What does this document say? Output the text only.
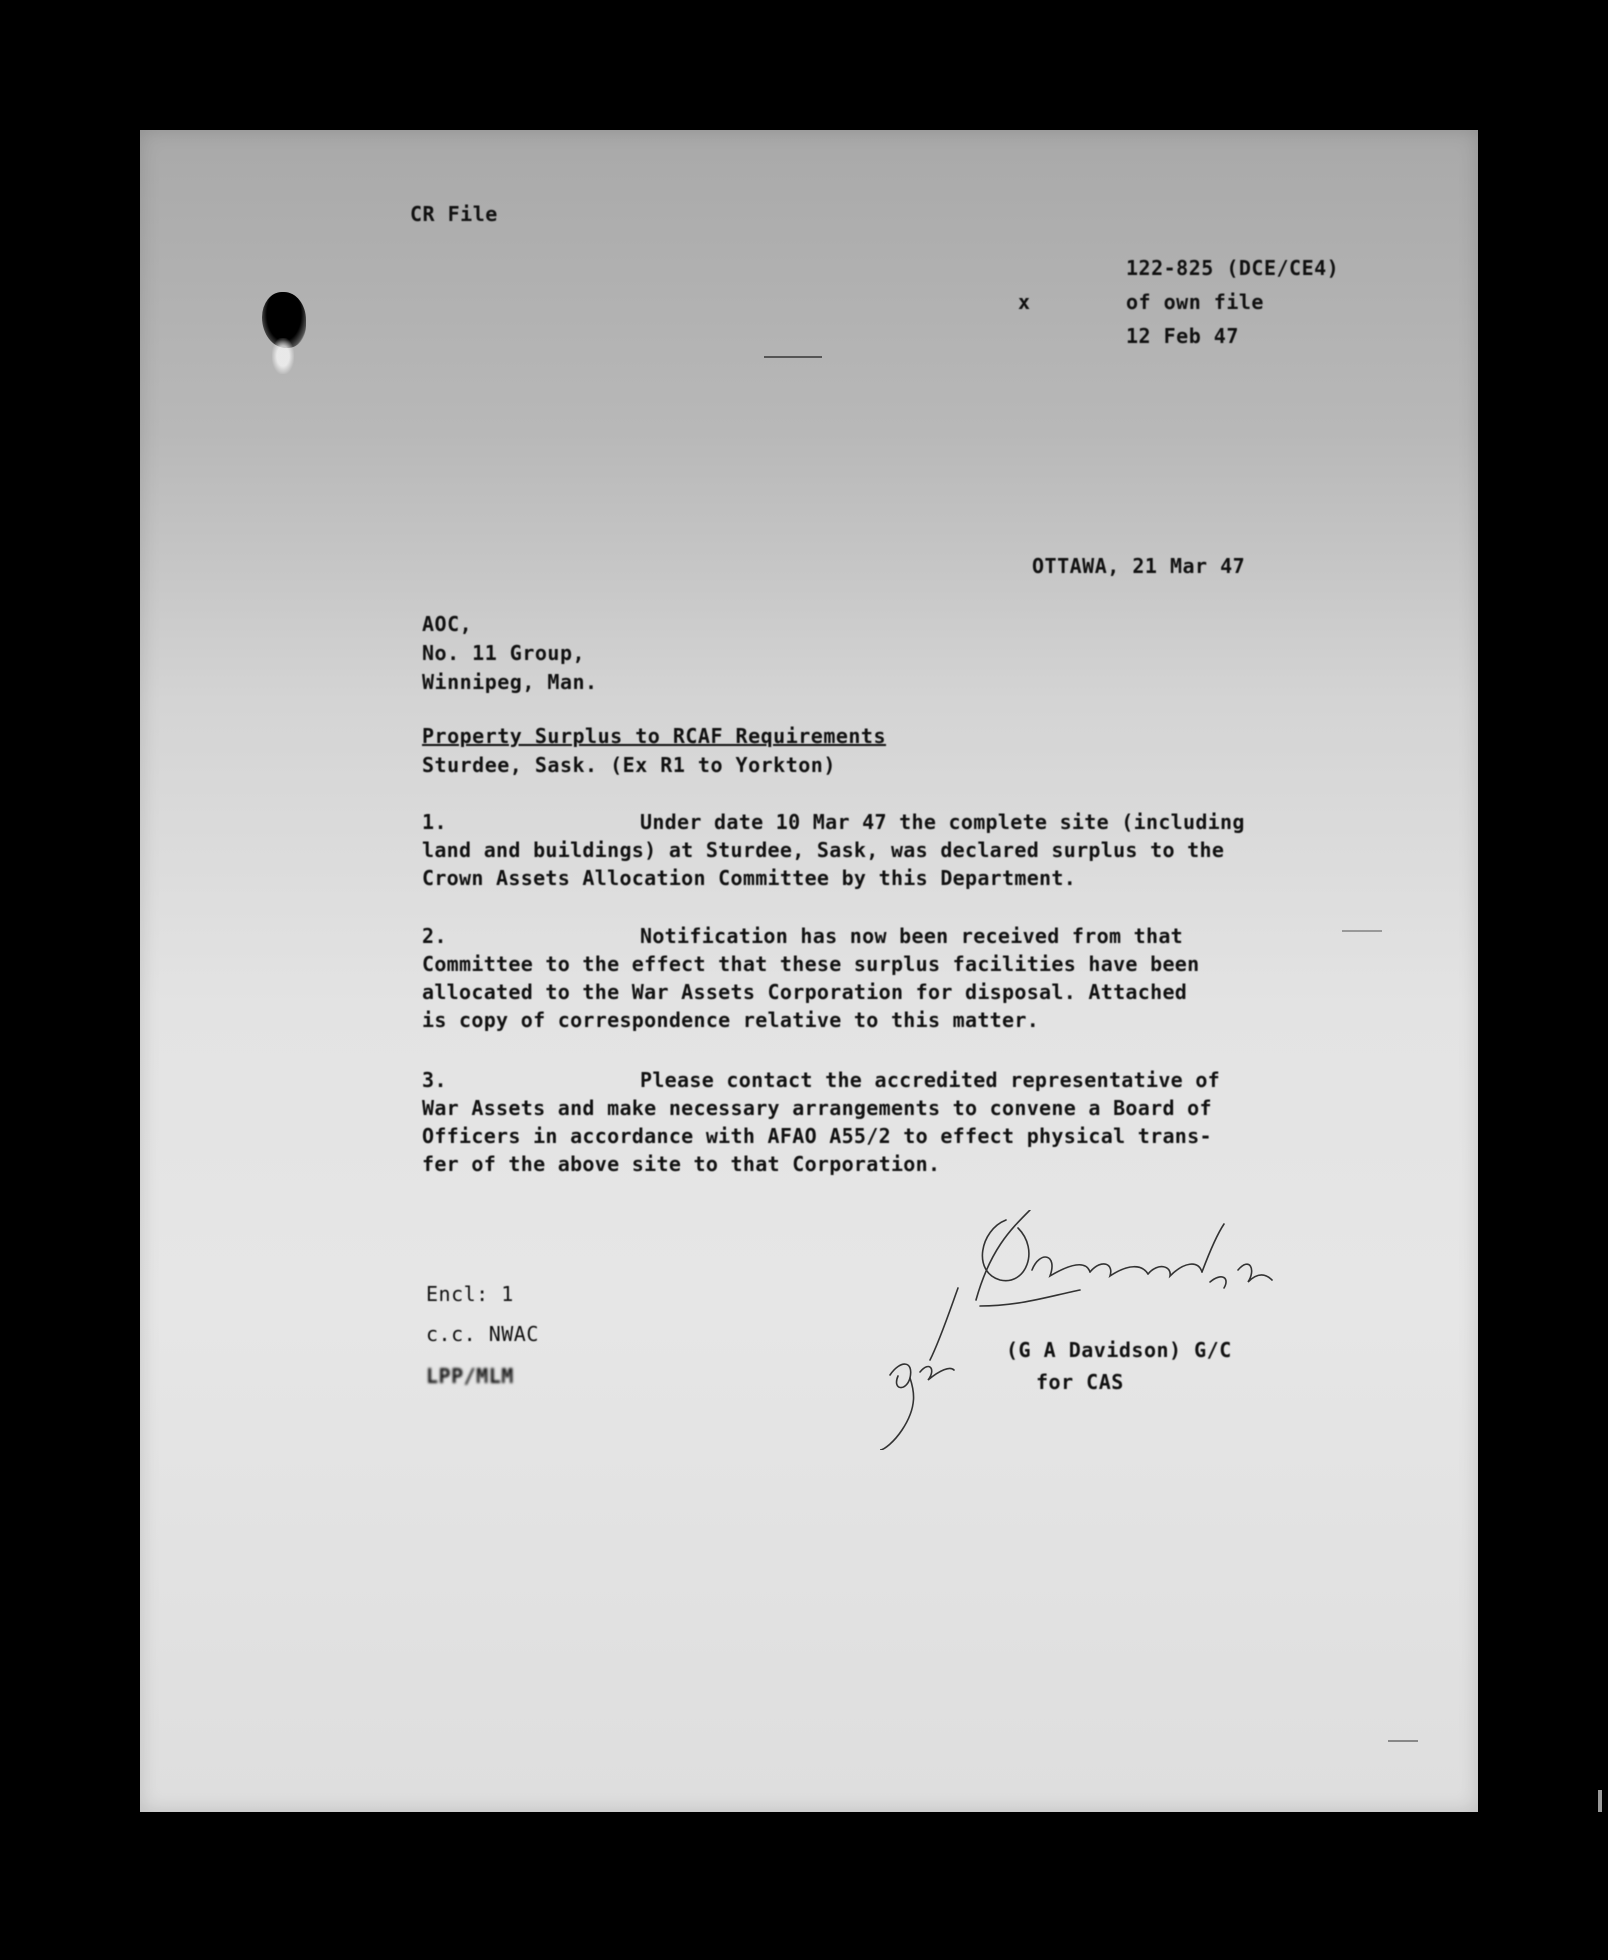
CR File
122-825 (DCE/CE4)
x	of own file
12 Feb 47
OTTAWA, 21 Mar 47
AOC,
No. 11 Group,
Winnipeg, Man.
Property Surplus to RCAF Requirements
Sturdee, Sask. (Ex R1 to Yorkton)
1.	Under date 10 Mar 47 the complete site (including
land and buildings) at Sturdee, Sask, was declared surplus to the
Crown Assets Allocation Committee by this Department.
2.	Notification has now been received from that
Committee to the effect that these surplus facilities have been
allocated to the War Assets Corporation for disposal. Attached
is copy of correspondence relative to this matter.
3.	Please contact the accredited representative of
War Assets and make necessary arrangements to convene a Board of
Officers in accordance with AFAO A55/2 to effect physical trans-
fer of the above site to that Corporation.
Encl: 1
c.c. NWAC
LPP/MLM
(G A Davidson) G/C
for CAS
